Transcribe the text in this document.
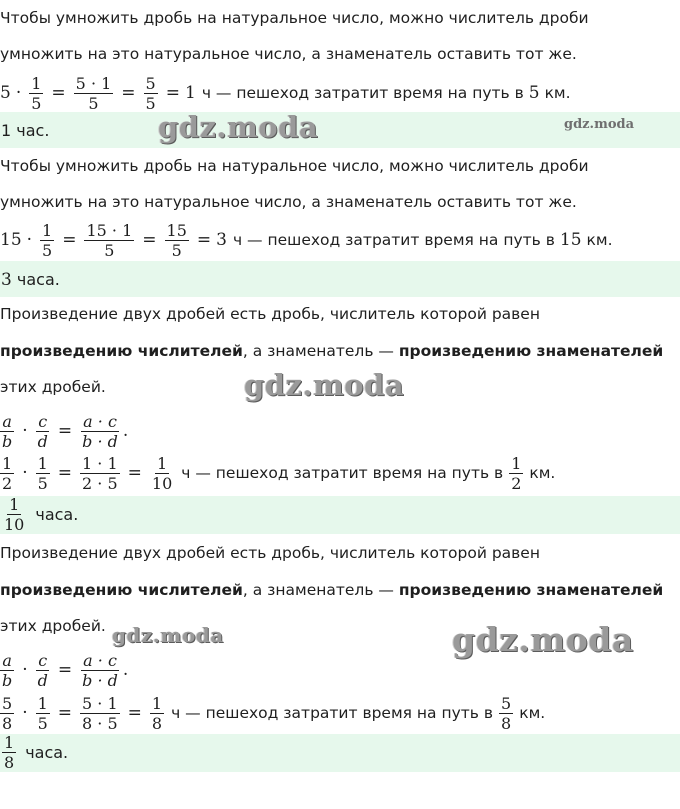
Чтобы умножить дробь на натуральное число, можно числитель дроби
умножить на это натуральное число, а знаменатель оставить тот же.
$5 \cdot \frac{1}{5} = \frac{5 \cdot 1}{5} = \frac{5}{5} = 1$ ч — пешеход затратит время на путь в 5 км.
1 час.
Чтобы умножить дробь на натуральное число, можно числитель дроби
умножить на это натуральное число, а знаменатель оставить тот же.
$15 \cdot \frac{1}{5} = \frac{15 \cdot 1}{5} = \frac{15}{5} = 3$ ч — пешеход затратит время на путь в 15 км.
3 часа.
Произведение двух дробей есть дробь, числитель которой равен
произведению числителей, а знаменатель — произведению знаменателей
этих дробей.
$\frac{a}{b} \cdot \frac{c}{d} = \frac{a \cdot c}{b \cdot d}$ .
$\frac{1}{2} \cdot \frac{1}{5} = \frac{1 \cdot 1}{2 \cdot 5} = \frac{1}{10}$ ч — пешеход затратит время на путь в $\frac{1}{2}$ км.
$\frac{1}{10}$ часа.
Произведение двух дробей есть дробь, числитель которой равен
произведению числителей, а знаменатель — произведению знаменателей
этих дробей.
$\frac{a}{b} \cdot \frac{c}{d} = \frac{a \cdot c}{b \cdot d}$ .
$\frac{5}{8} \cdot \frac{1}{5} = \frac{5 \cdot 1}{8 \cdot 5} = \frac{1}{8}$ ч — пешеход затратит время на путь в $\frac{5}{8}$ км.
$\frac{1}{8}$ часа.
gdz.moda	gdz.moda
gdz.moda
gdz.moda	gdz.moda
